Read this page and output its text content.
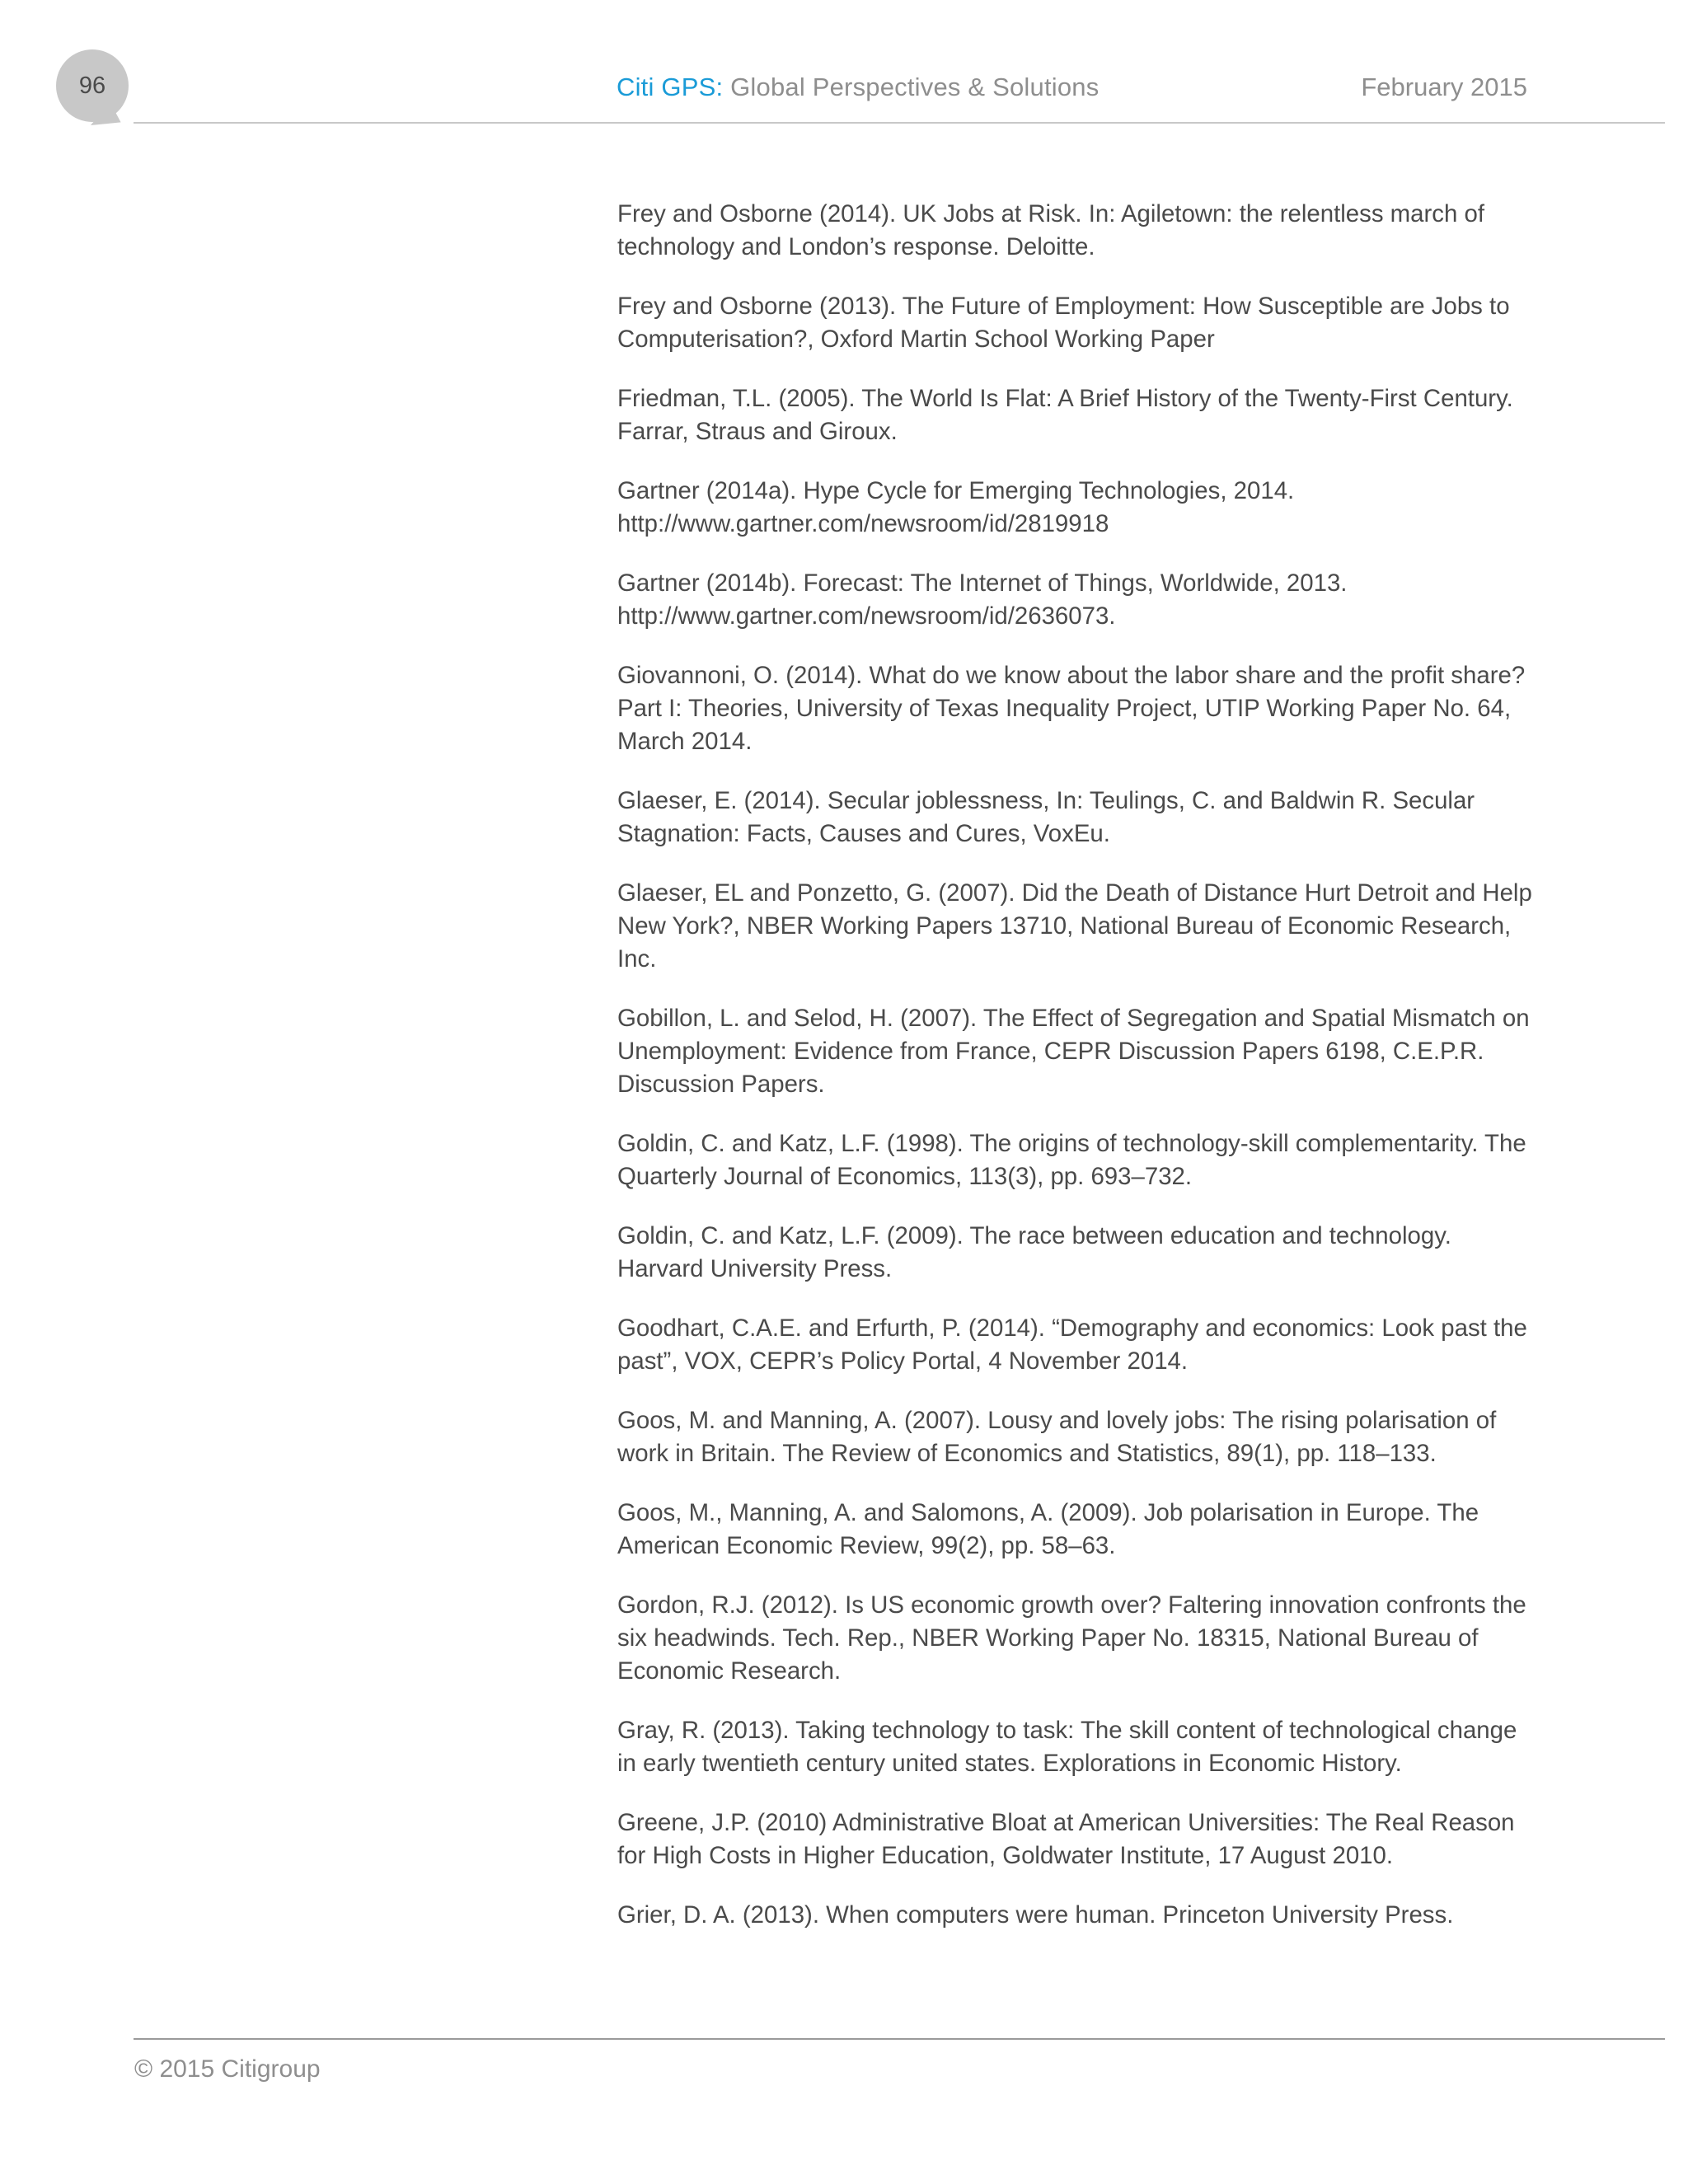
96	Citi GPS: Global Perspectives & Solutions	February 2015
Frey and Osborne (2014). UK Jobs at Risk. In: Agiletown: the relentless march of technology and London’s response. Deloitte.
Frey and Osborne (2013). The Future of Employment: How Susceptible are Jobs to Computerisation?, Oxford Martin School Working Paper
Friedman, T.L. (2005). The World Is Flat: A Brief History of the Twenty-First Century. Farrar, Straus and Giroux.
Gartner (2014a). Hype Cycle for Emerging Technologies, 2014. http://www.gartner.com/newsroom/id/2819918
Gartner (2014b). Forecast: The Internet of Things, Worldwide, 2013. http://www.gartner.com/newsroom/id/2636073.
Giovannoni, O. (2014). What do we know about the labor share and the profit share? Part I: Theories, University of Texas Inequality Project, UTIP Working Paper No. 64, March 2014.
Glaeser, E. (2014). Secular joblessness, In: Teulings, C. and Baldwin R. Secular Stagnation: Facts, Causes and Cures, VoxEu.
Glaeser, EL and Ponzetto, G. (2007). Did the Death of Distance Hurt Detroit and Help New York?, NBER Working Papers 13710, National Bureau of Economic Research, Inc.
Gobillon, L. and Selod, H. (2007). The Effect of Segregation and Spatial Mismatch on Unemployment: Evidence from France, CEPR Discussion Papers 6198, C.E.P.R. Discussion Papers.
Goldin, C. and Katz, L.F. (1998). The origins of technology-skill complementarity. The Quarterly Journal of Economics, 113(3), pp. 693–732.
Goldin, C. and Katz, L.F. (2009). The race between education and technology. Harvard University Press.
Goodhart, C.A.E. and Erfurth, P. (2014). “Demography and economics: Look past the past”, VOX, CEPR’s Policy Portal, 4 November 2014.
Goos, M. and Manning, A. (2007). Lousy and lovely jobs: The rising polarisation of work in Britain. The Review of Economics and Statistics, 89(1), pp. 118–133.
Goos, M., Manning, A. and Salomons, A. (2009). Job polarisation in Europe. The American Economic Review, 99(2), pp. 58–63.
Gordon, R.J. (2012). Is US economic growth over? Faltering innovation confronts the six headwinds. Tech. Rep., NBER Working Paper No. 18315, National Bureau of Economic Research.
Gray, R. (2013). Taking technology to task: The skill content of technological change in early twentieth century united states. Explorations in Economic History.
Greene, J.P. (2010) Administrative Bloat at American Universities: The Real Reason for High Costs in Higher Education, Goldwater Institute, 17 August 2010.
Grier, D. A. (2013). When computers were human. Princeton University Press.
© 2015 Citigroup
